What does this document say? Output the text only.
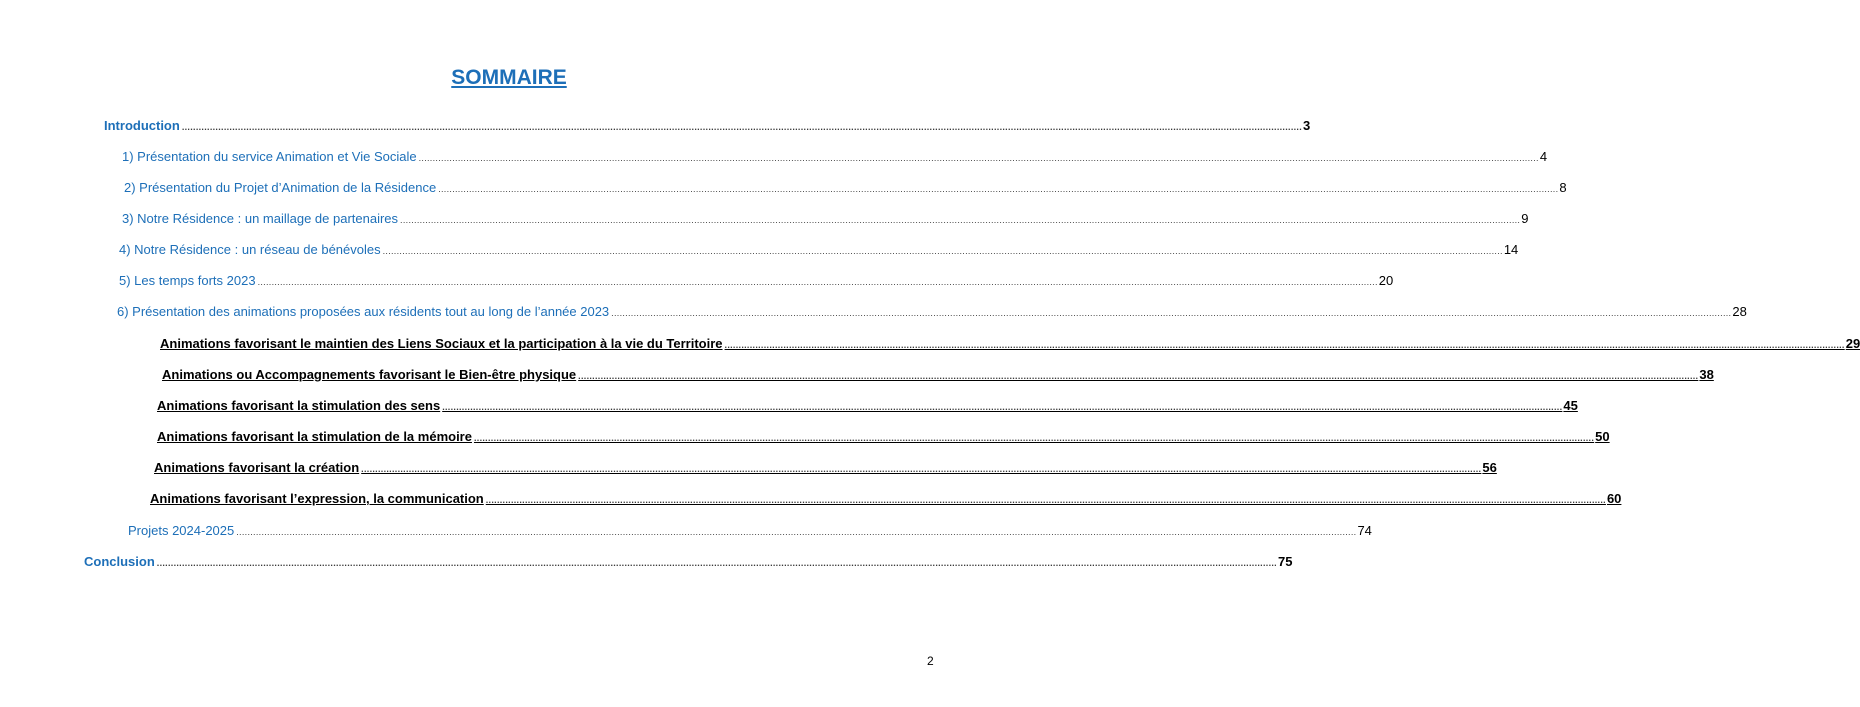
SOMMAIRE
Introduction ................................................................................................................................................................................................................................................................................................................................................................................................................ 3
1) Présentation du service Animation et Vie Sociale ................................................................................................................................................................................................................................................................................................................................................................................................................ 4
2) Présentation du Projet d’Animation de la Résidence ................................................................................................................................................................................................................................................................................................................................................................................................................ 8
3) Notre Résidence : un maillage de partenaires ................................................................................................................................................................................................................................................................................................................................................................................................................ 9
4) Notre Résidence : un réseau de bénévoles ................................................................................................................................................................................................................................................................................................................................................................................................................ 14
5) Les temps forts 2023 ................................................................................................................................................................................................................................................................................................................................................................................................................ 20
6) Présentation des animations proposées aux résidents tout au long de l’année 2023 ................................................................................................................................................................................................................................................................................................................................................................................................................ 28
Animations favorisant le maintien des Liens Sociaux et la participation à la vie du Territoire ................................................................................................................................................................................................................................................................................................................................................................................................................ 29
Animations ou Accompagnements favorisant le Bien-être physique ................................................................................................................................................................................................................................................................................................................................................................................................................ 38
Animations favorisant la stimulation des sens ................................................................................................................................................................................................................................................................................................................................................................................................................ 45
Animations favorisant la stimulation de la mémoire ................................................................................................................................................................................................................................................................................................................................................................................................................ 50
Animations favorisant la création ................................................................................................................................................................................................................................................................................................................................................................................................................ 56
Animations favorisant l’expression, la communication ................................................................................................................................................................................................................................................................................................................................................................................................................ 60
Projets 2024-2025 ................................................................................................................................................................................................................................................................................................................................................................................................................ 74
Conclusion ................................................................................................................................................................................................................................................................................................................................................................................................................ 75
2
